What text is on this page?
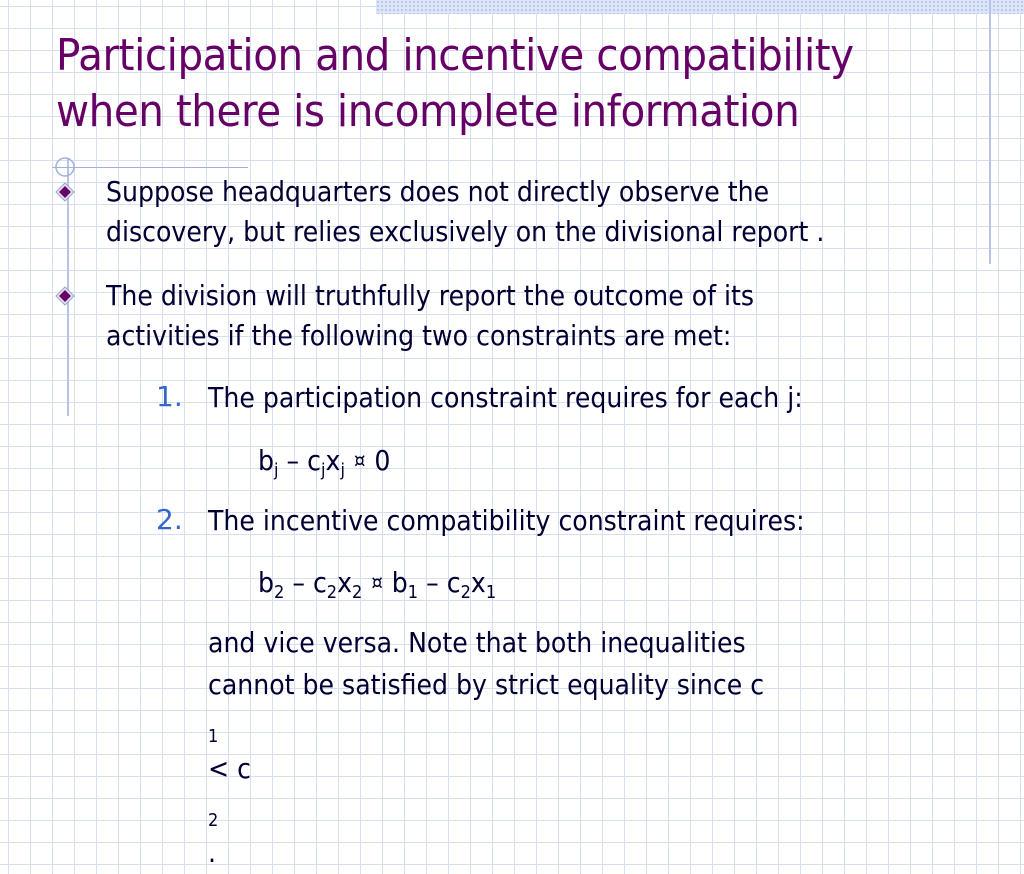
Participation and incentive compatibility
when there is incomplete information

Suppose headquarters does not directly observe the
discovery, but relies exclusively on the divisional report .

The division will truthfully report the outcome of its
activities if the following two constraints are met:

1. The participation constraint requires for each j:

$b_j - c_jx_j$ ¤ 0

2. The incentive compatibility constraint requires:

$b_2 - c_2x_2$ ¤ $b_1 - c_2x_1$

and vice versa. Note that both inequalities
cannot be satisfied by strict equality since c
$_1$
< c
$_2$
.
